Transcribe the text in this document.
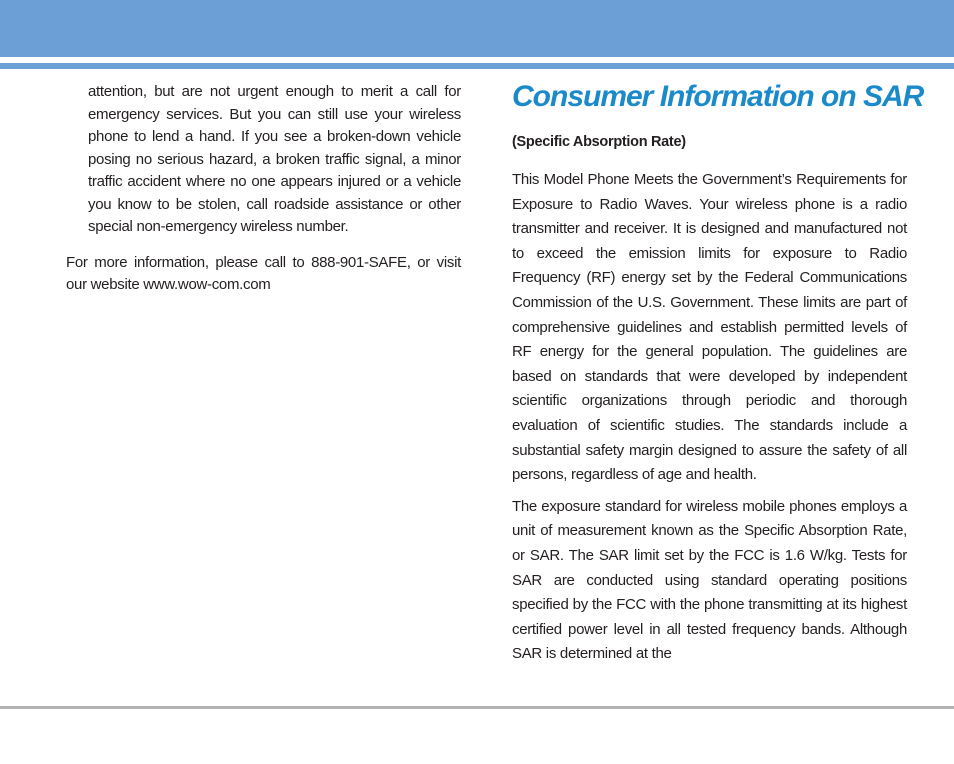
attention, but are not urgent enough to merit a call for emergency services. But you can still use your wireless phone to lend a hand. If you see a broken-down vehicle posing no serious hazard, a broken traffic signal, a minor traffic accident where no one appears injured or a vehicle you know to be stolen, call roadside assistance or other special non-emergency wireless number.

For more information, please call to 888-901-SAFE, or visit our website www.wow-com.com

Consumer Information on SAR

(Specific Absorption Rate)

This Model Phone Meets the Government’s Requirements for Exposure to Radio Waves. Your wireless phone is a radio transmitter and receiver. It is designed and manufactured not to exceed the emission limits for exposure to Radio Frequency (RF) energy set by the Federal Communications Commission of the U.S. Government. These limits are part of comprehensive guidelines and establish permitted levels of RF energy for the general population. The guidelines are based on standards that were developed by independent scientific organizations through periodic and thorough evaluation of scientific studies. The standards include a substantial safety margin designed to assure the safety of all persons, regardless of age and health.

The exposure standard for wireless mobile phones employs a unit of measurement known as the Specific Absorption Rate, or SAR. The SAR limit set by the FCC is 1.6 W/kg. Tests for SAR are conducted using standard operating positions specified by the FCC with the phone transmitting at its highest certified power level in all tested frequency bands. Although SAR is determined at the
